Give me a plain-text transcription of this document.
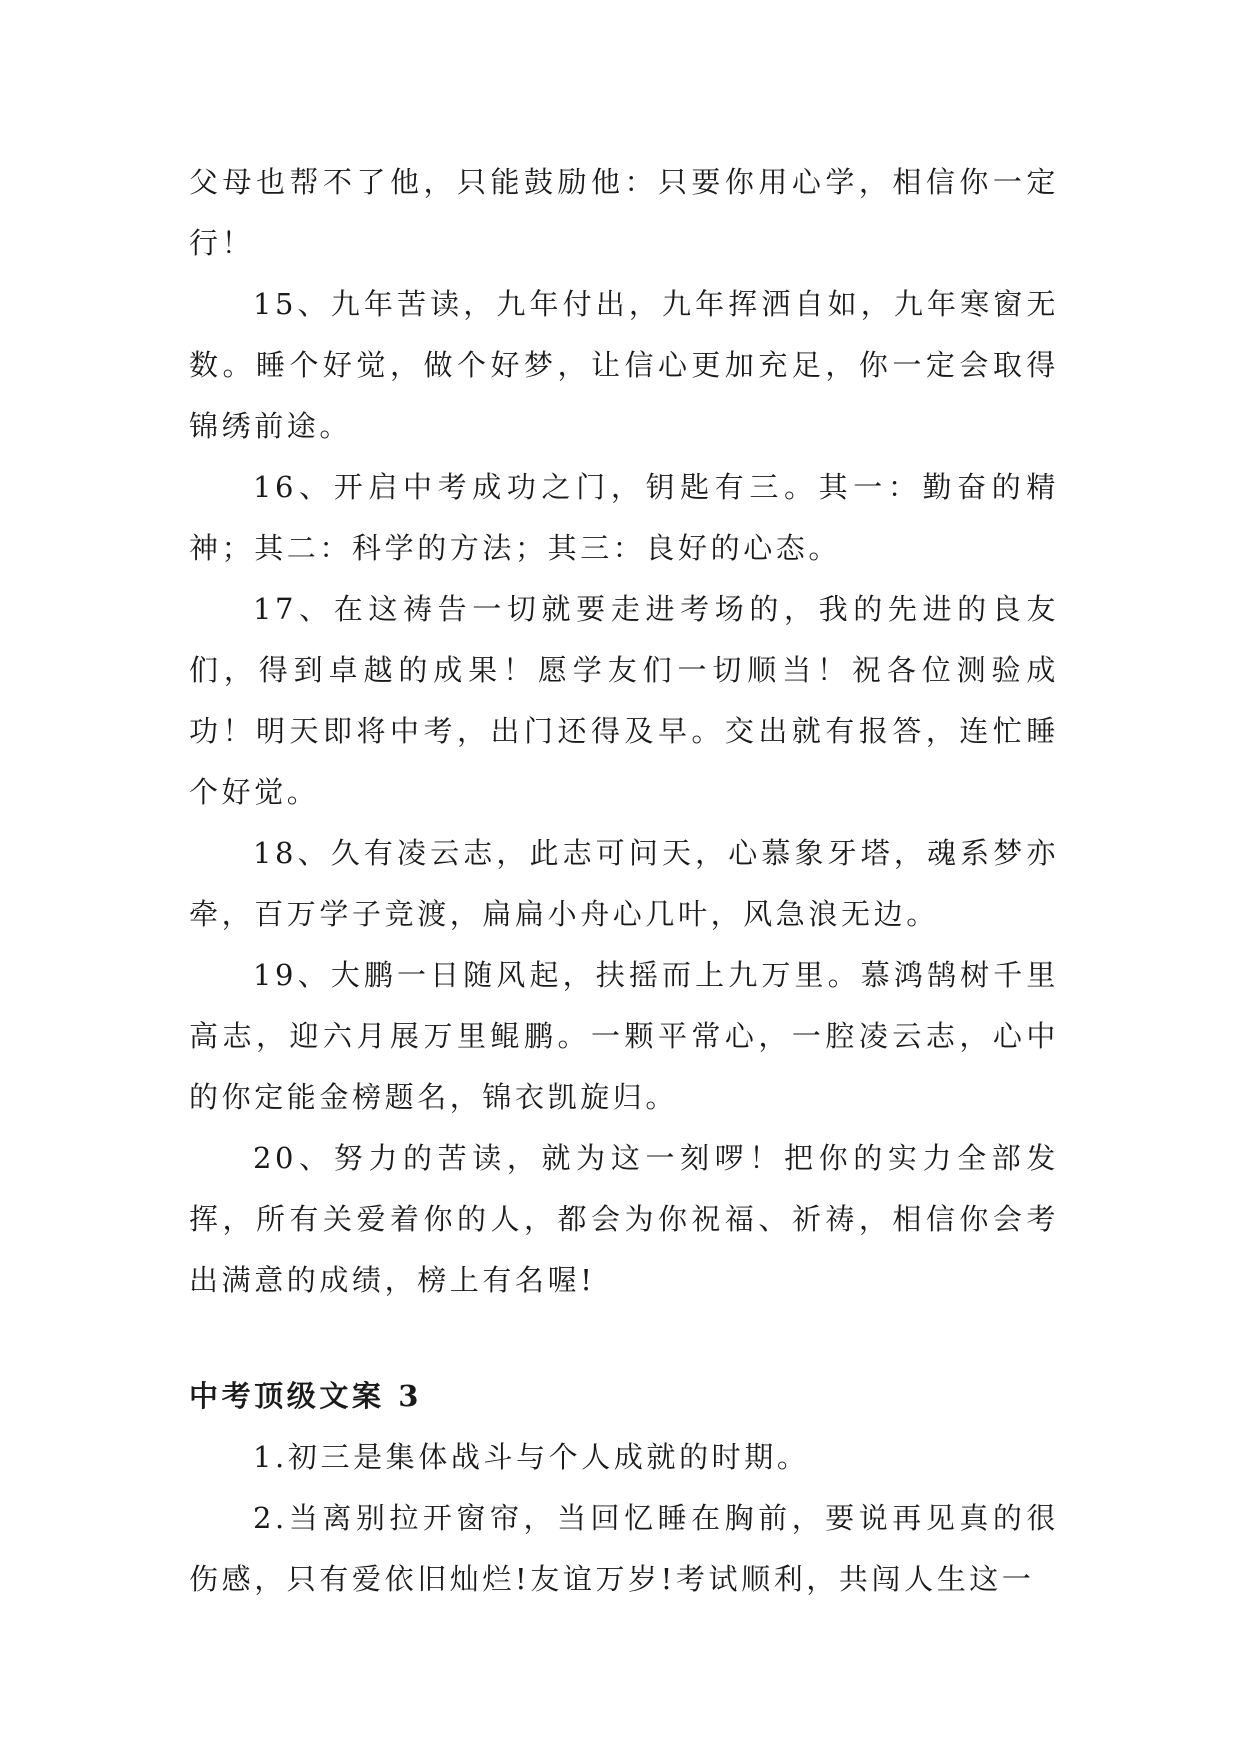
父母也帮不了他，只能鼓励他：只要你用心学，相信你一定行！

15、九年苦读，九年付出，九年挥洒自如，九年寒窗无数。睡个好觉，做个好梦，让信心更加充足，你一定会取得锦绣前途。

16、开启中考成功之门，钥匙有三。其一：勤奋的精神；其二：科学的方法；其三：良好的心态。

17、在这祷告一切就要走进考场的，我的先进的良友们，得到卓越的成果！愿学友们一切顺当！祝各位测验成功！明天即将中考，出门还得及早。交出就有报答，连忙睡个好觉。

18、久有凌云志，此志可问天，心慕象牙塔，魂系梦亦牵，百万学子竞渡，扁扁小舟心几叶，风急浪无边。

19、大鹏一日随风起，扶摇而上九万里。慕鸿鹄树千里高志，迎六月展万里鲲鹏。一颗平常心，一腔凌云志，心中的你定能金榜题名，锦衣凯旋归。

20、努力的苦读，就为这一刻啰！把你的实力全部发挥，所有关爱着你的人，都会为你祝福、祈祷，相信你会考出满意的成绩，榜上有名喔!

中考顶级文案 3

1.初三是集体战斗与个人成就的时期。

2.当离别拉开窗帘，当回忆睡在胸前，要说再见真的很伤感，只有爱依旧灿烂!友谊万岁!考试顺利，共闯人生这一
